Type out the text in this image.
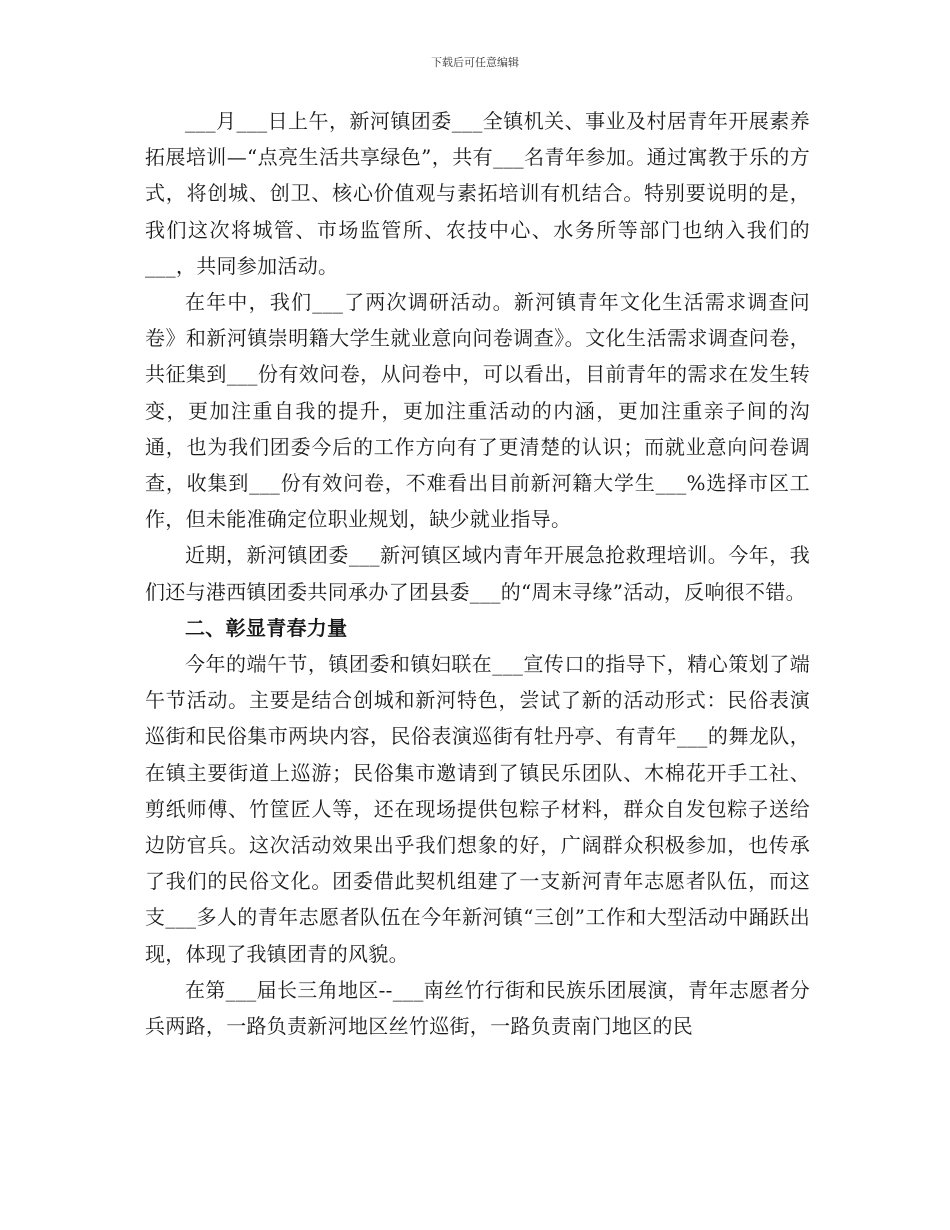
下载后可任意编辑

___月___日上午，新河镇团委___全镇机关、事业及村居青年开展素养拓展培训—“点亮生活共享绿色”，共有___名青年参加。通过寓教于乐的方式，将创城、创卫、核心价值观与素拓培训有机结合。特别要说明的是，我们这次将城管、市场监管所、农技中心、水务所等部门也纳入我们的___，共同参加活动。

在年中，我们___了两次调研活动。新河镇青年文化生活需求调查问卷》和新河镇崇明籍大学生就业意向问卷调查》。文化生活需求调查问卷，共征集到___份有效问卷，从问卷中，可以看出，目前青年的需求在发生转变，更加注重自我的提升，更加注重活动的内涵，更加注重亲子间的沟通，也为我们团委今后的工作方向有了更清楚的认识；而就业意向问卷调查，收集到___份有效问卷，不难看出目前新河籍大学生___%选择市区工作，但未能准确定位职业规划，缺少就业指导。

近期，新河镇团委___新河镇区域内青年开展急抢救理培训。今年，我们还与港西镇团委共同承办了团县委___的“周末寻缘”活动，反响很不错。

二、彰显青春力量

今年的端午节，镇团委和镇妇联在___宣传口的指导下，精心策划了端午节活动。主要是结合创城和新河特色，尝试了新的活动形式：民俗表演巡街和民俗集市两块内容，民俗表演巡街有牡丹亭、有青年___的舞龙队，在镇主要街道上巡游；民俗集市邀请到了镇民乐团队、木棉花开手工社、剪纸师傅、竹筐匠人等，还在现场提供包粽子材料，群众自发包粽子送给边防官兵。这次活动效果出乎我们想象的好，广阔群众积极参加，也传承了我们的民俗文化。团委借此契机组建了一支新河青年志愿者队伍，而这支___多人的青年志愿者队伍在今年新河镇“三创”工作和大型活动中踊跃出现，体现了我镇团青的风貌。

在第___届长三角地区--___南丝竹行街和民族乐团展演，青年志愿者分兵两路，一路负责新河地区丝竹巡街，一路负责南门地区的民
